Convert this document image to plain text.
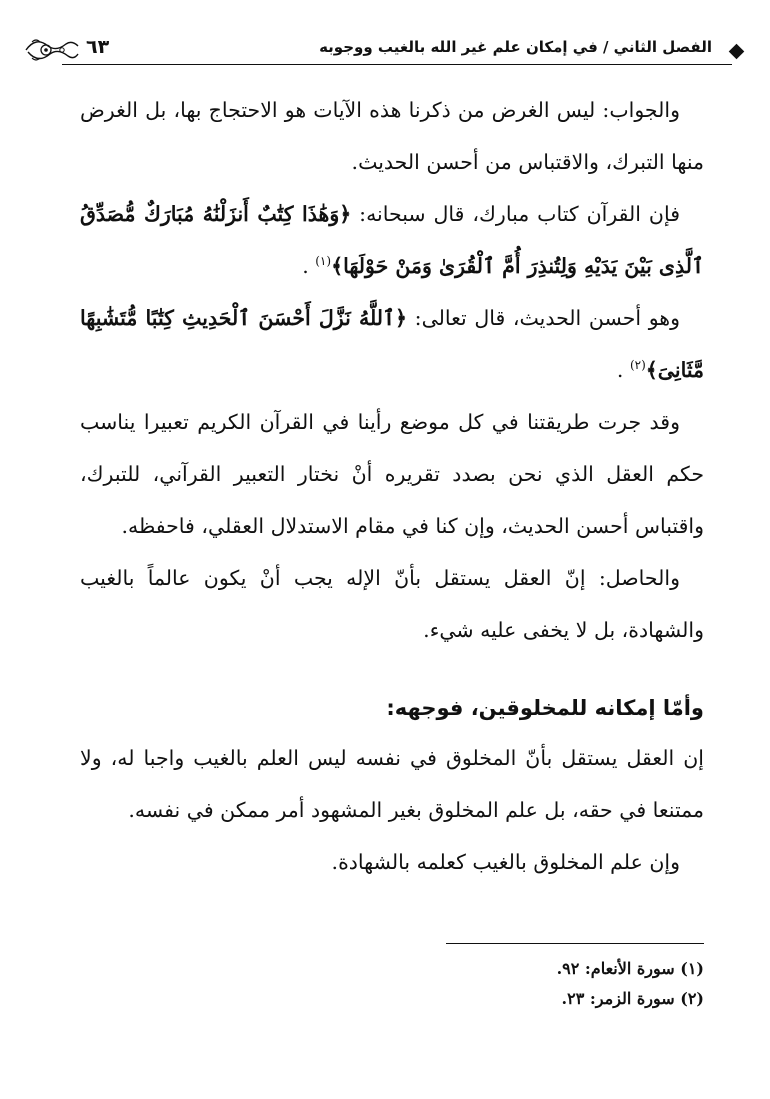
٦٣	الفصل الثاني / في إمكان علم غير الله بالغيب ووجوبه

والجواب: ليس الغرض من ذكرنا هذه الآيات هو الاحتجاج بها، بل الغرض منها التبرك، والاقتباس من أحسن الحديث.

فإن القرآن كتاب مبارك، قال سبحانه: ﴿وَهَٰذَا كِتَٰبٌ أَنزَلْنَٰهُ مُبَارَكٌ مُّصَدِّقُ ٱلَّذِى بَيْنَ يَدَيْهِ وَلِتُنذِرَ أُمَّ ٱلْقُرَىٰ وَمَنْ حَوْلَهَا﴾$^{(١)}$ .

وهو أحسن الحديث، قال تعالى: ﴿ٱللَّهُ نَزَّلَ أَحْسَنَ ٱلْحَدِيثِ كِتَٰبًا مُّتَشَٰبِهًا مَّثَانِىَ﴾$^{(٢)}$ .

وقد جرت طريقتنا في كل موضع رأينا في القرآن الكريم تعبيرا يناسب حكم العقل الذي نحن بصدد تقريره أنْ نختار التعبير القرآني، للتبرك، واقتباس أحسن الحديث، وإن كنا في مقام الاستدلال العقلي، فاحفظه.

والحاصل: إنّ العقل يستقل بأنّ الإله يجب أنْ يكون عالماً بالغيب والشهادة، بل لا يخفى عليه شيء.

وأمّا إمكانه للمخلوقين، فوجهه:

إن العقل يستقل بأنّ المخلوق في نفسه ليس العلم بالغيب واجبا له، ولا ممتنعا في حقه، بل علم المخلوق بغير المشهود أمر ممكن في نفسه.

وإن علم المخلوق بالغيب كعلمه بالشهادة.

(١) سورة الأنعام: ٩٢.

(٢) سورة الزمر: ٢٣.
